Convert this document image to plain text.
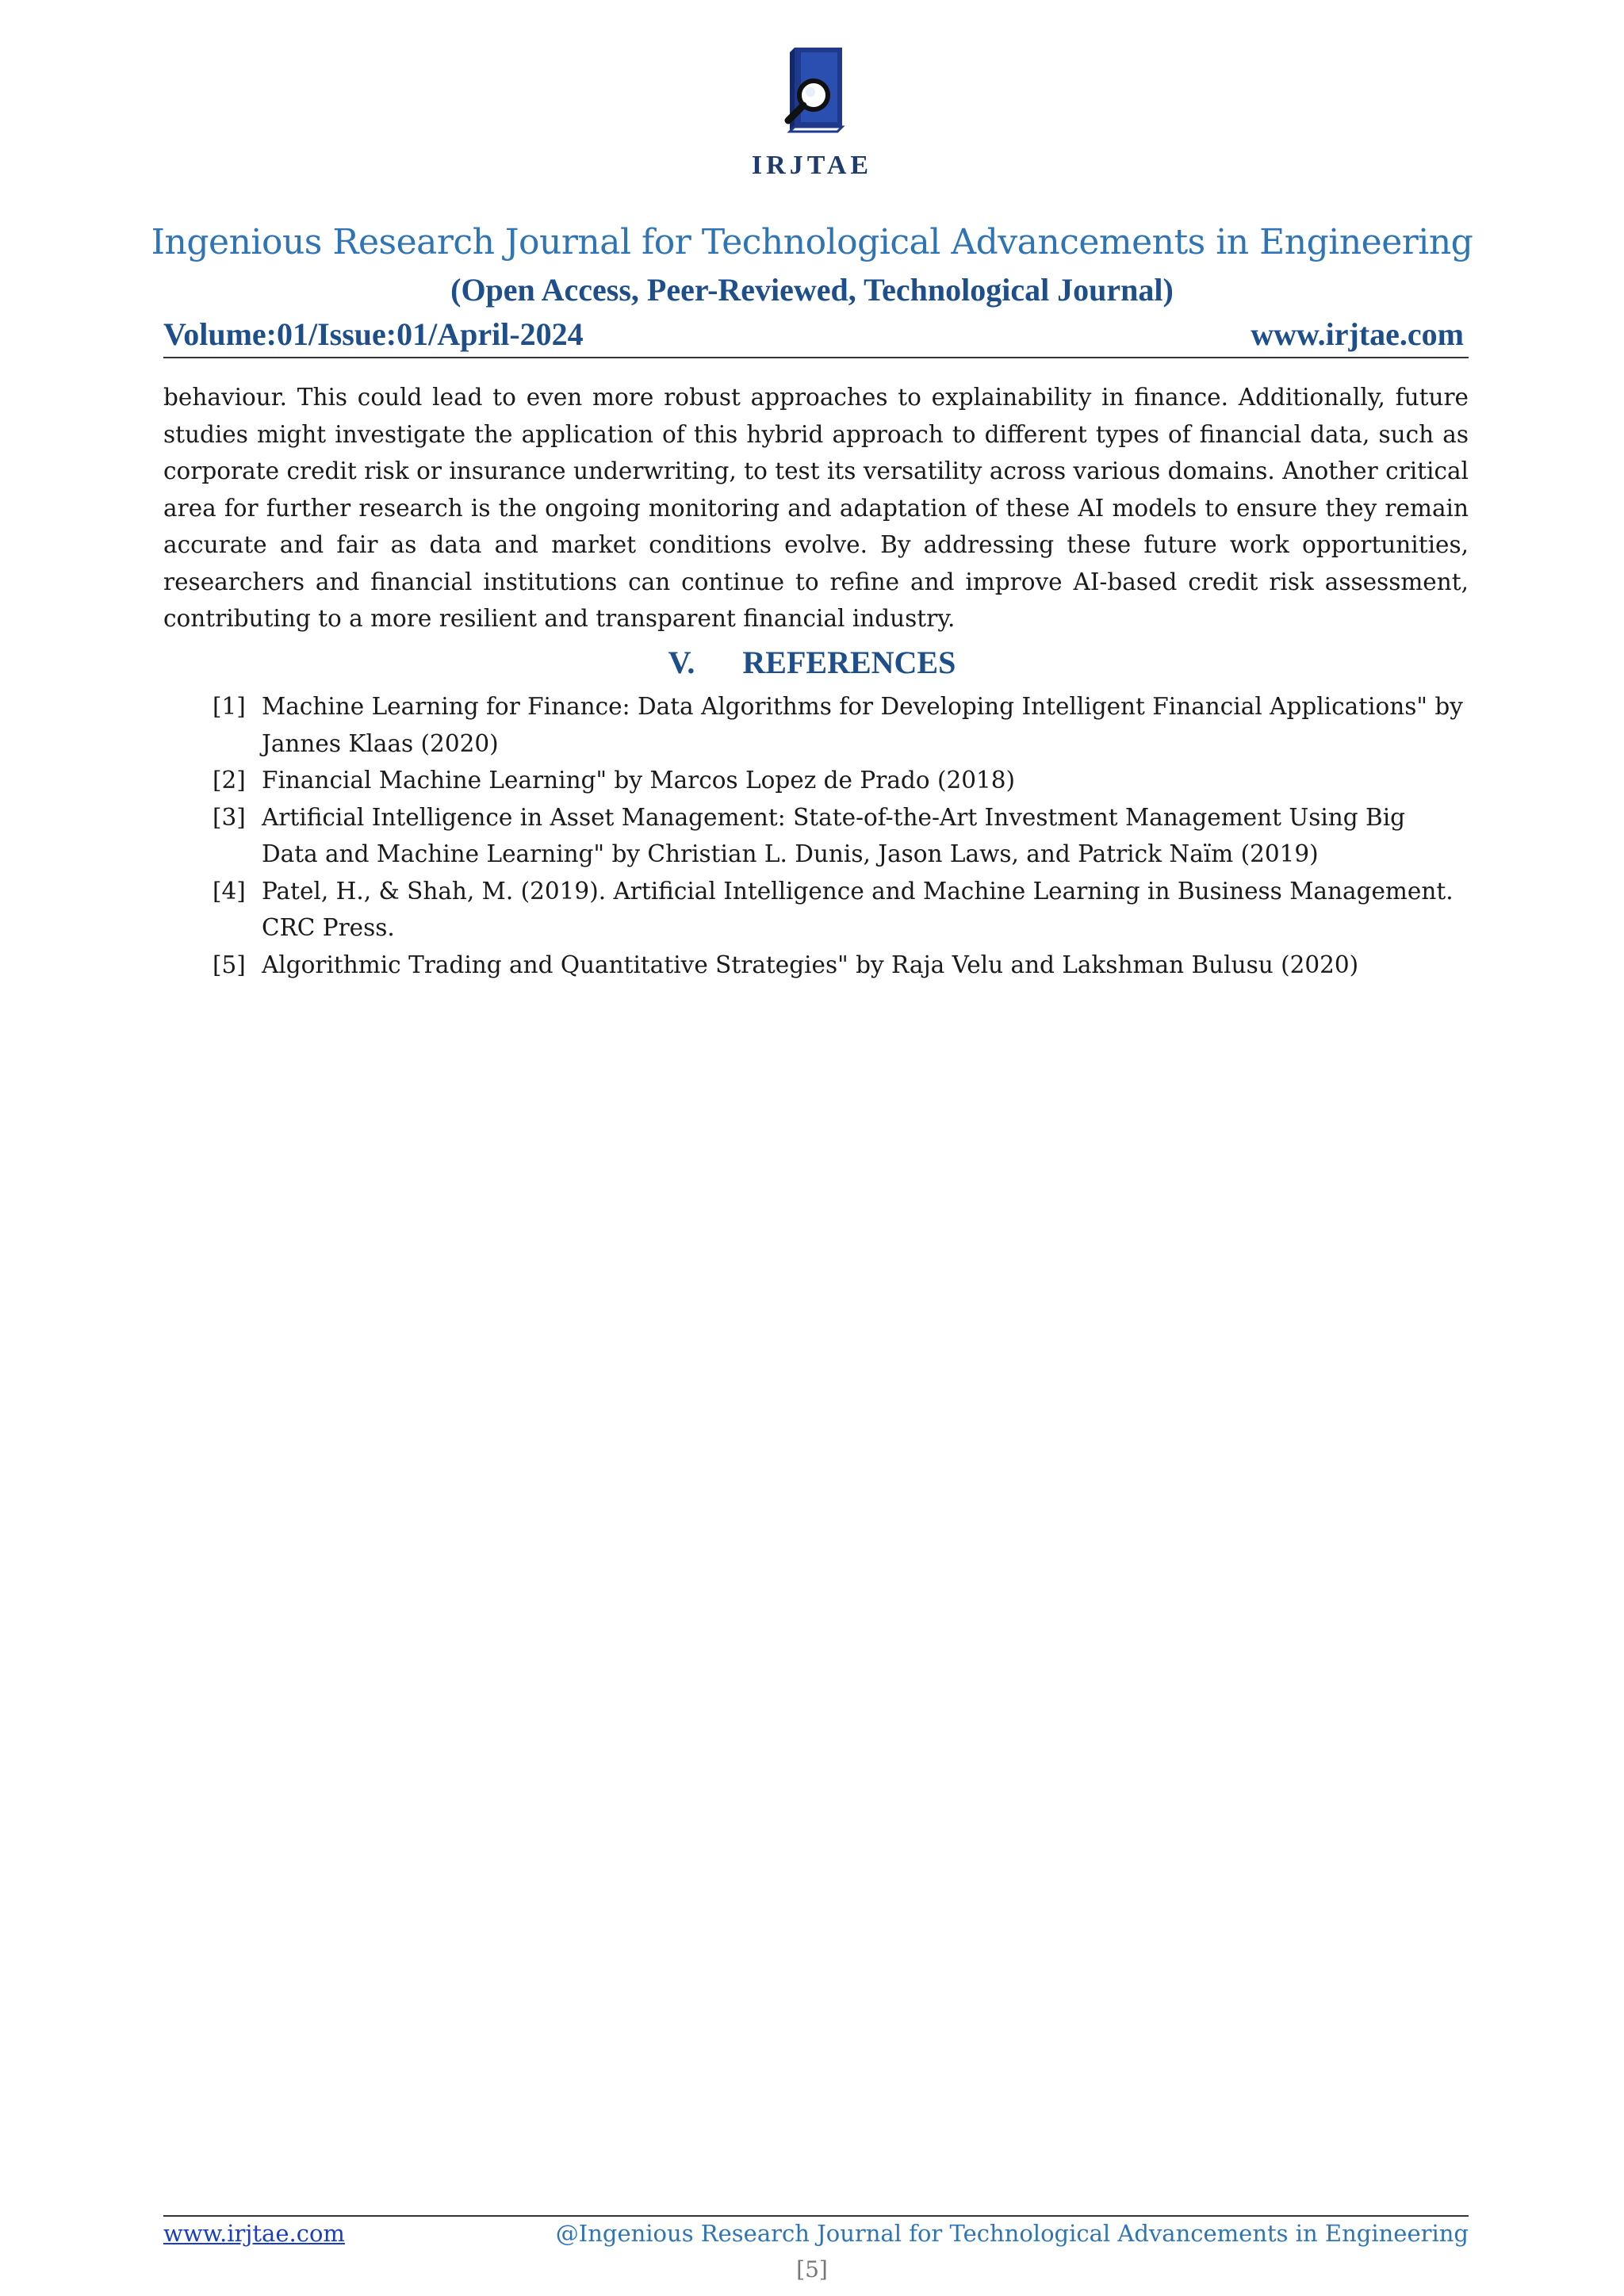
IRJTAE
Ingenious Research Journal for Technological Advancements in Engineering
(Open Access, Peer-Reviewed, Technological Journal)
Volume:01/Issue:01/April-2024	www.irjtae.com
behaviour. This could lead to even more robust approaches to explainability in finance. Additionally, future studies might investigate the application of this hybrid approach to different types of financial data, such as corporate credit risk or insurance underwriting, to test its versatility across various domains. Another critical area for further research is the ongoing monitoring and adaptation of these AI models to ensure they remain accurate and fair as data and market conditions evolve. By addressing these future work opportunities, researchers and financial institutions can continue to refine and improve AI-based credit risk assessment, contributing to a more resilient and transparent financial industry.
V. REFERENCES
[1] Machine Learning for Finance: Data Algorithms for Developing Intelligent Financial Applications" by Jannes Klaas (2020)
[2] Financial Machine Learning" by Marcos Lopez de Prado (2018)
[3] Artificial Intelligence in Asset Management: State-of-the-Art Investment Management Using Big Data and Machine Learning" by Christian L. Dunis, Jason Laws, and Patrick Naïm (2019)
[4] Patel, H., & Shah, M. (2019). Artificial Intelligence and Machine Learning in Business Management. CRC Press.
[5] Algorithmic Trading and Quantitative Strategies" by Raja Velu and Lakshman Bulusu (2020)
www.irjtae.com	@Ingenious Research Journal for Technological Advancements in Engineering
[5]
